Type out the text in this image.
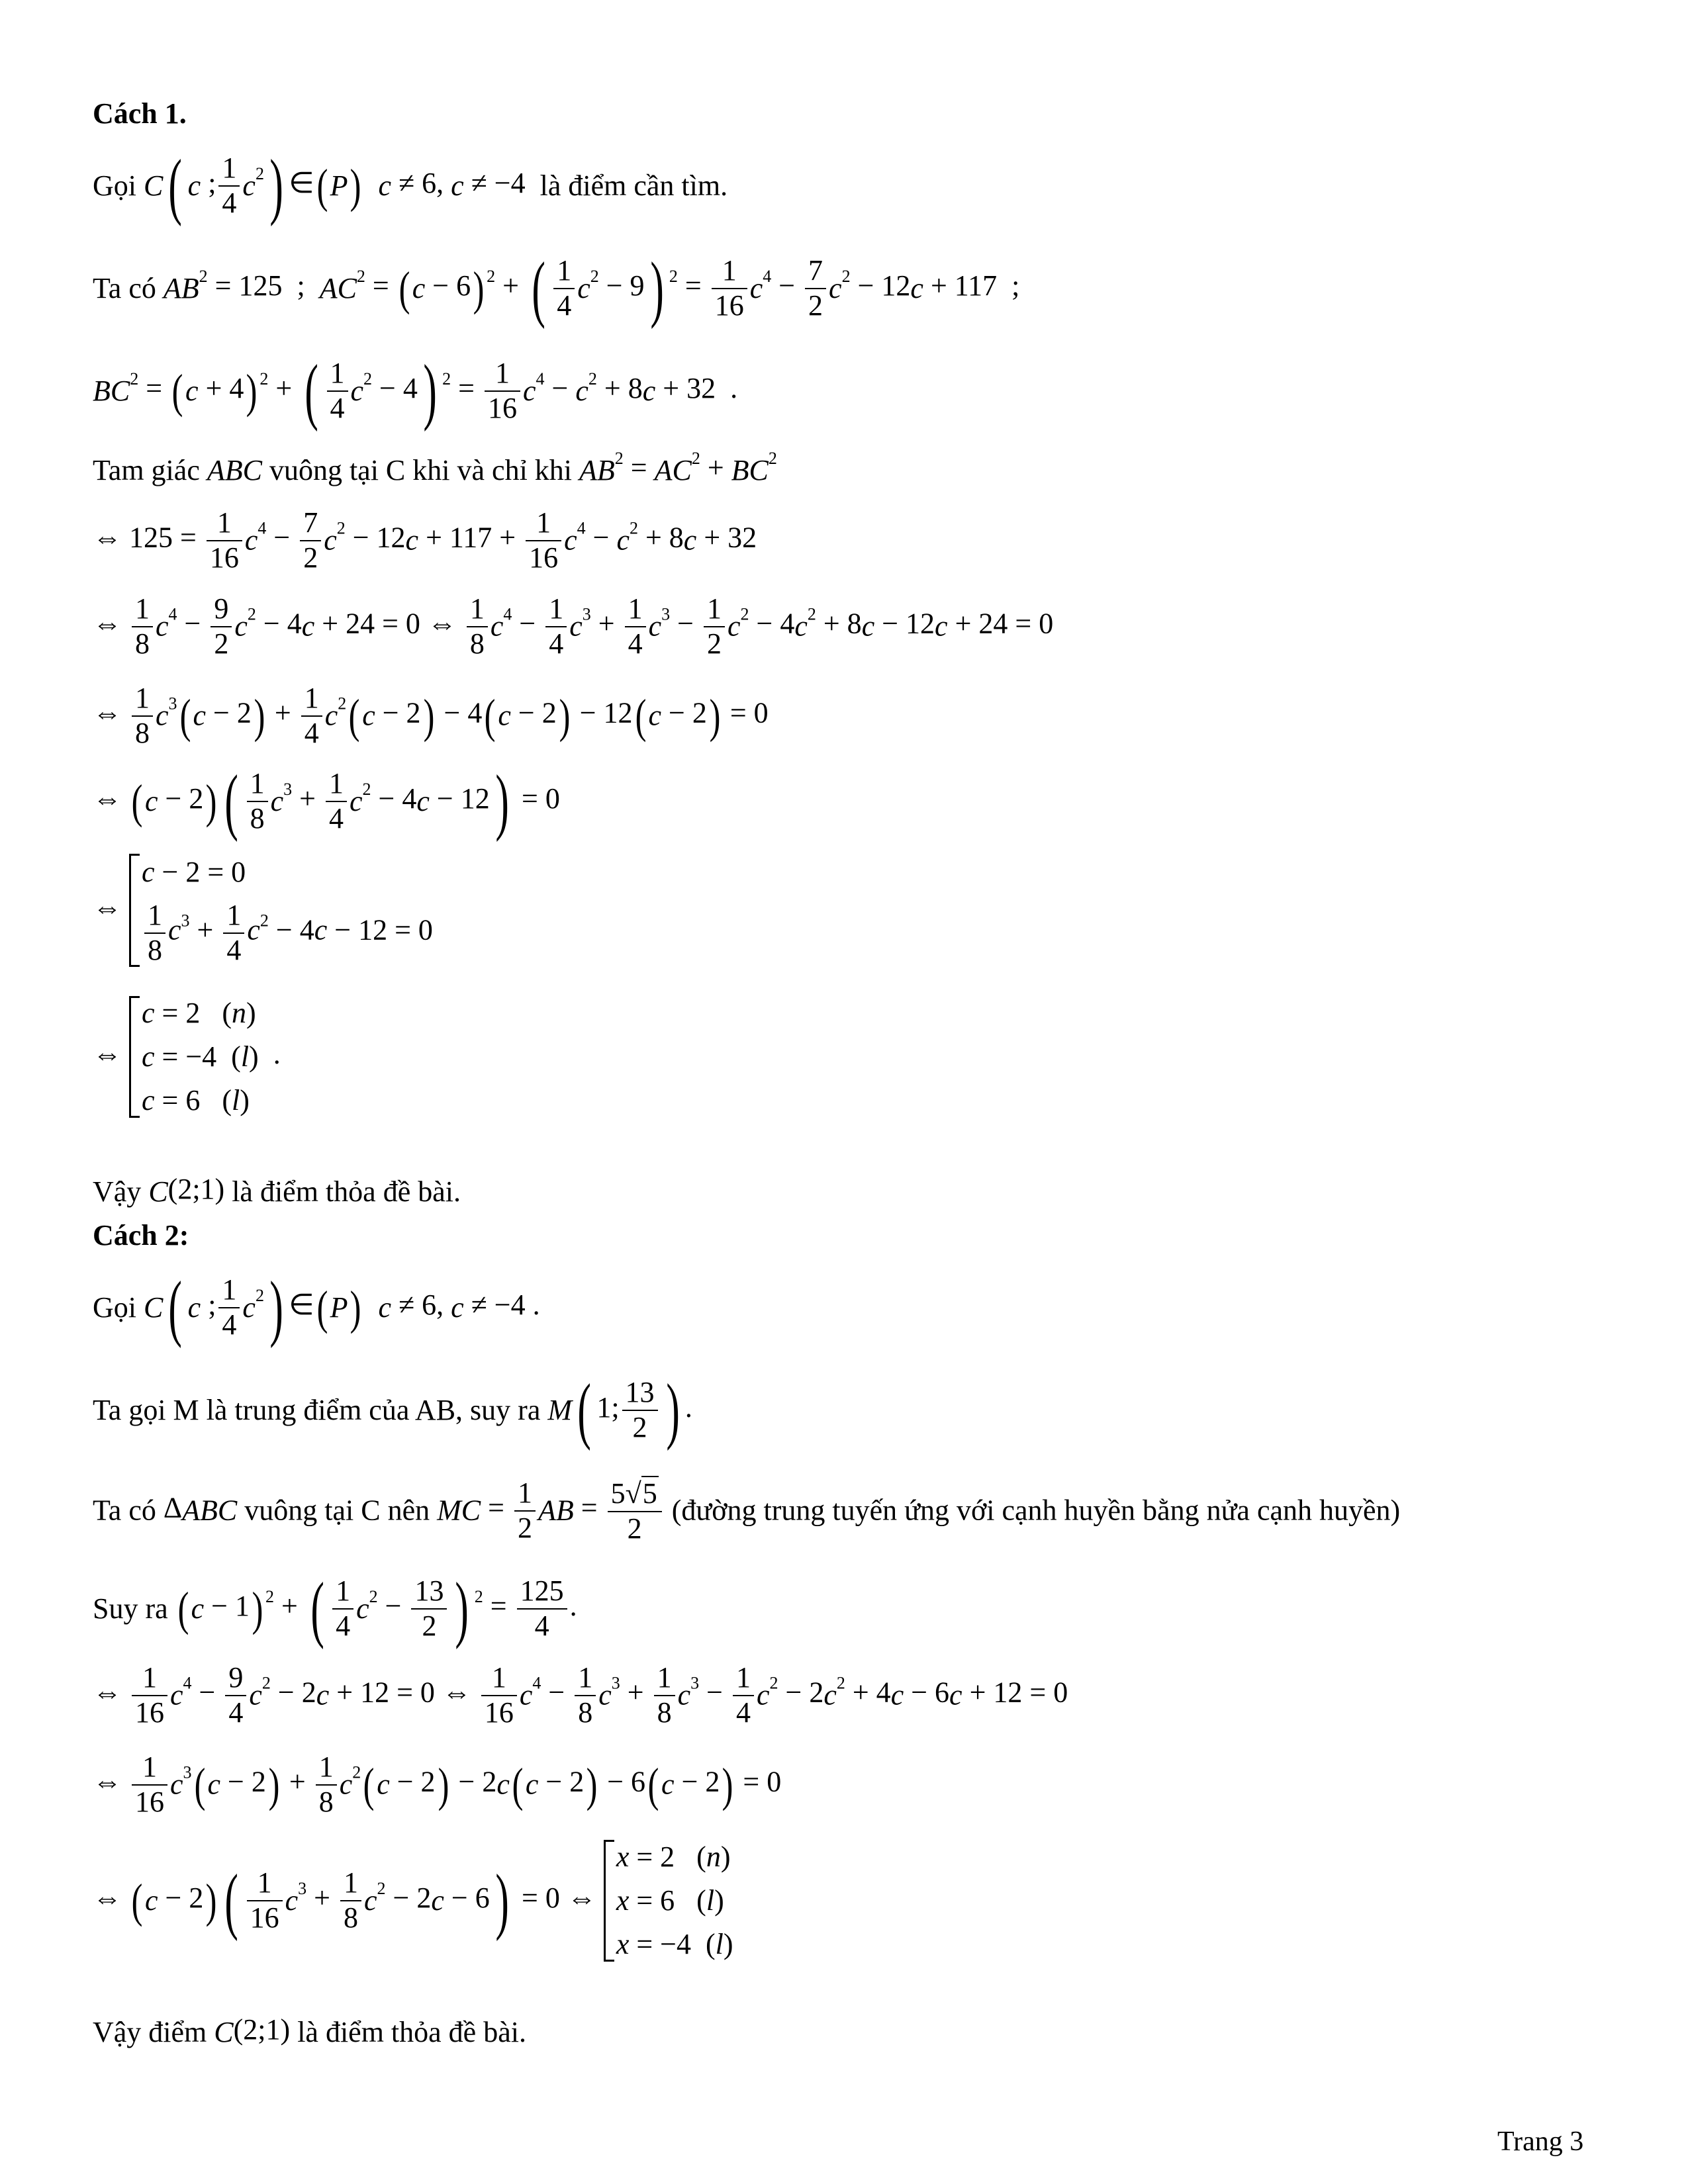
Cách 1.
Gọi C( c ; $\frac{1}{4} c^2$) ∈(P) c ≠ 6, c ≠ −4  là điểm cần tìm.
Ta có $AB^2 = 125$  ;  $AC^2 = (c - 6) ^2$ + ( $\frac{1}{4} c^2 - 9$) $^2 = \frac{1}{16} c^4 - \frac{7}{2} c^2 - 12c + 117$  ;
$BC^2 = (c + 4) ^2$ + ( $\frac{1}{4} c^2 - 4$) $^2 = \frac{1}{16} c^4 - c^2 + 8c + 32$  .
Tam giác ABC vuông tại C khi và chỉ khi $AB^2 = AC^2 + BC^2$
⇔ $125 = \frac{1}{16} c^4 - \frac{7}{2} c^2 - 12c + 117 + \frac{1}{16} c^4 - c^2 + 8c + 32$
⇔ $\frac{1}{8} c^4 - \frac{9}{2} c^2 - 4c + 24 = 0$ ⇔ $\frac{1}{8} c^4 - \frac{1}{4} c^3 + \frac{1}{4} c^3 - \frac{1}{2} c^2 - 4c^2 + 8c - 12c + 24 = 0$
⇔ $\frac{1}{8} c^3(c - 2) + \frac{1}{4} c^2(c - 2) - 4(c - 2) - 12(c - 2) = 0$
⇔ (c − 2) ( $\frac{1}{8} c^3 + \frac{1}{4} c^2 - 4c - 12) = 0$
⇔
c − 2 = 0
$\frac{1}{8} c^3 + \frac{1}{4} c^2 - 4c - 12 = 0$
⇔
c = 2   (n)
c = −4  (l)
c = 6   (l)
.
Vậy C(2;1) là điểm thỏa đề bài.
Cách 2:
Gọi C( c ; $\frac{1}{4} c^2$) ∈(P) c ≠ 6, c ≠ −4 .
Ta gọi M là trung điểm của AB, suy ra M( 1; $\frac{13}{2}$ ) .
Ta có ΔABC vuông tại C nên MC = $\frac{1}{2}$ AB = $\frac{5√5}{2}$ (đường trung tuyến ứng với cạnh huyền bằng nửa cạnh huyền)
Suy ra (c − 1) $^2$ + ( $\frac{1}{4} c^2 - \frac{13}{2}$ ) $^2 = \frac{125}{4}$ .
⇔ $\frac{1}{16} c^4 - \frac{9}{4} c^2 - 2c + 12 = 0$ ⇔ $\frac{1}{16} c^4 - \frac{1}{8} c^3 + \frac{1}{8} c^3 - \frac{1}{4} c^2 - 2c^2 + 4c - 6c + 12 = 0$
⇔ $\frac{1}{16} c^3(c - 2) + \frac{1}{8} c^2(c - 2) - 2c(c - 2) - 6(c - 2) = 0$
⇔ (c − 2) ( $\frac{1}{16} c^3 + \frac{1}{8} c^2 - 2c - 6) = 0$ ⇔
x = 2   (n)
x = 6   (l)
x = −4  (l)
Vậy điểm C(2;1) là điểm thỏa đề bài.
Trang 3
